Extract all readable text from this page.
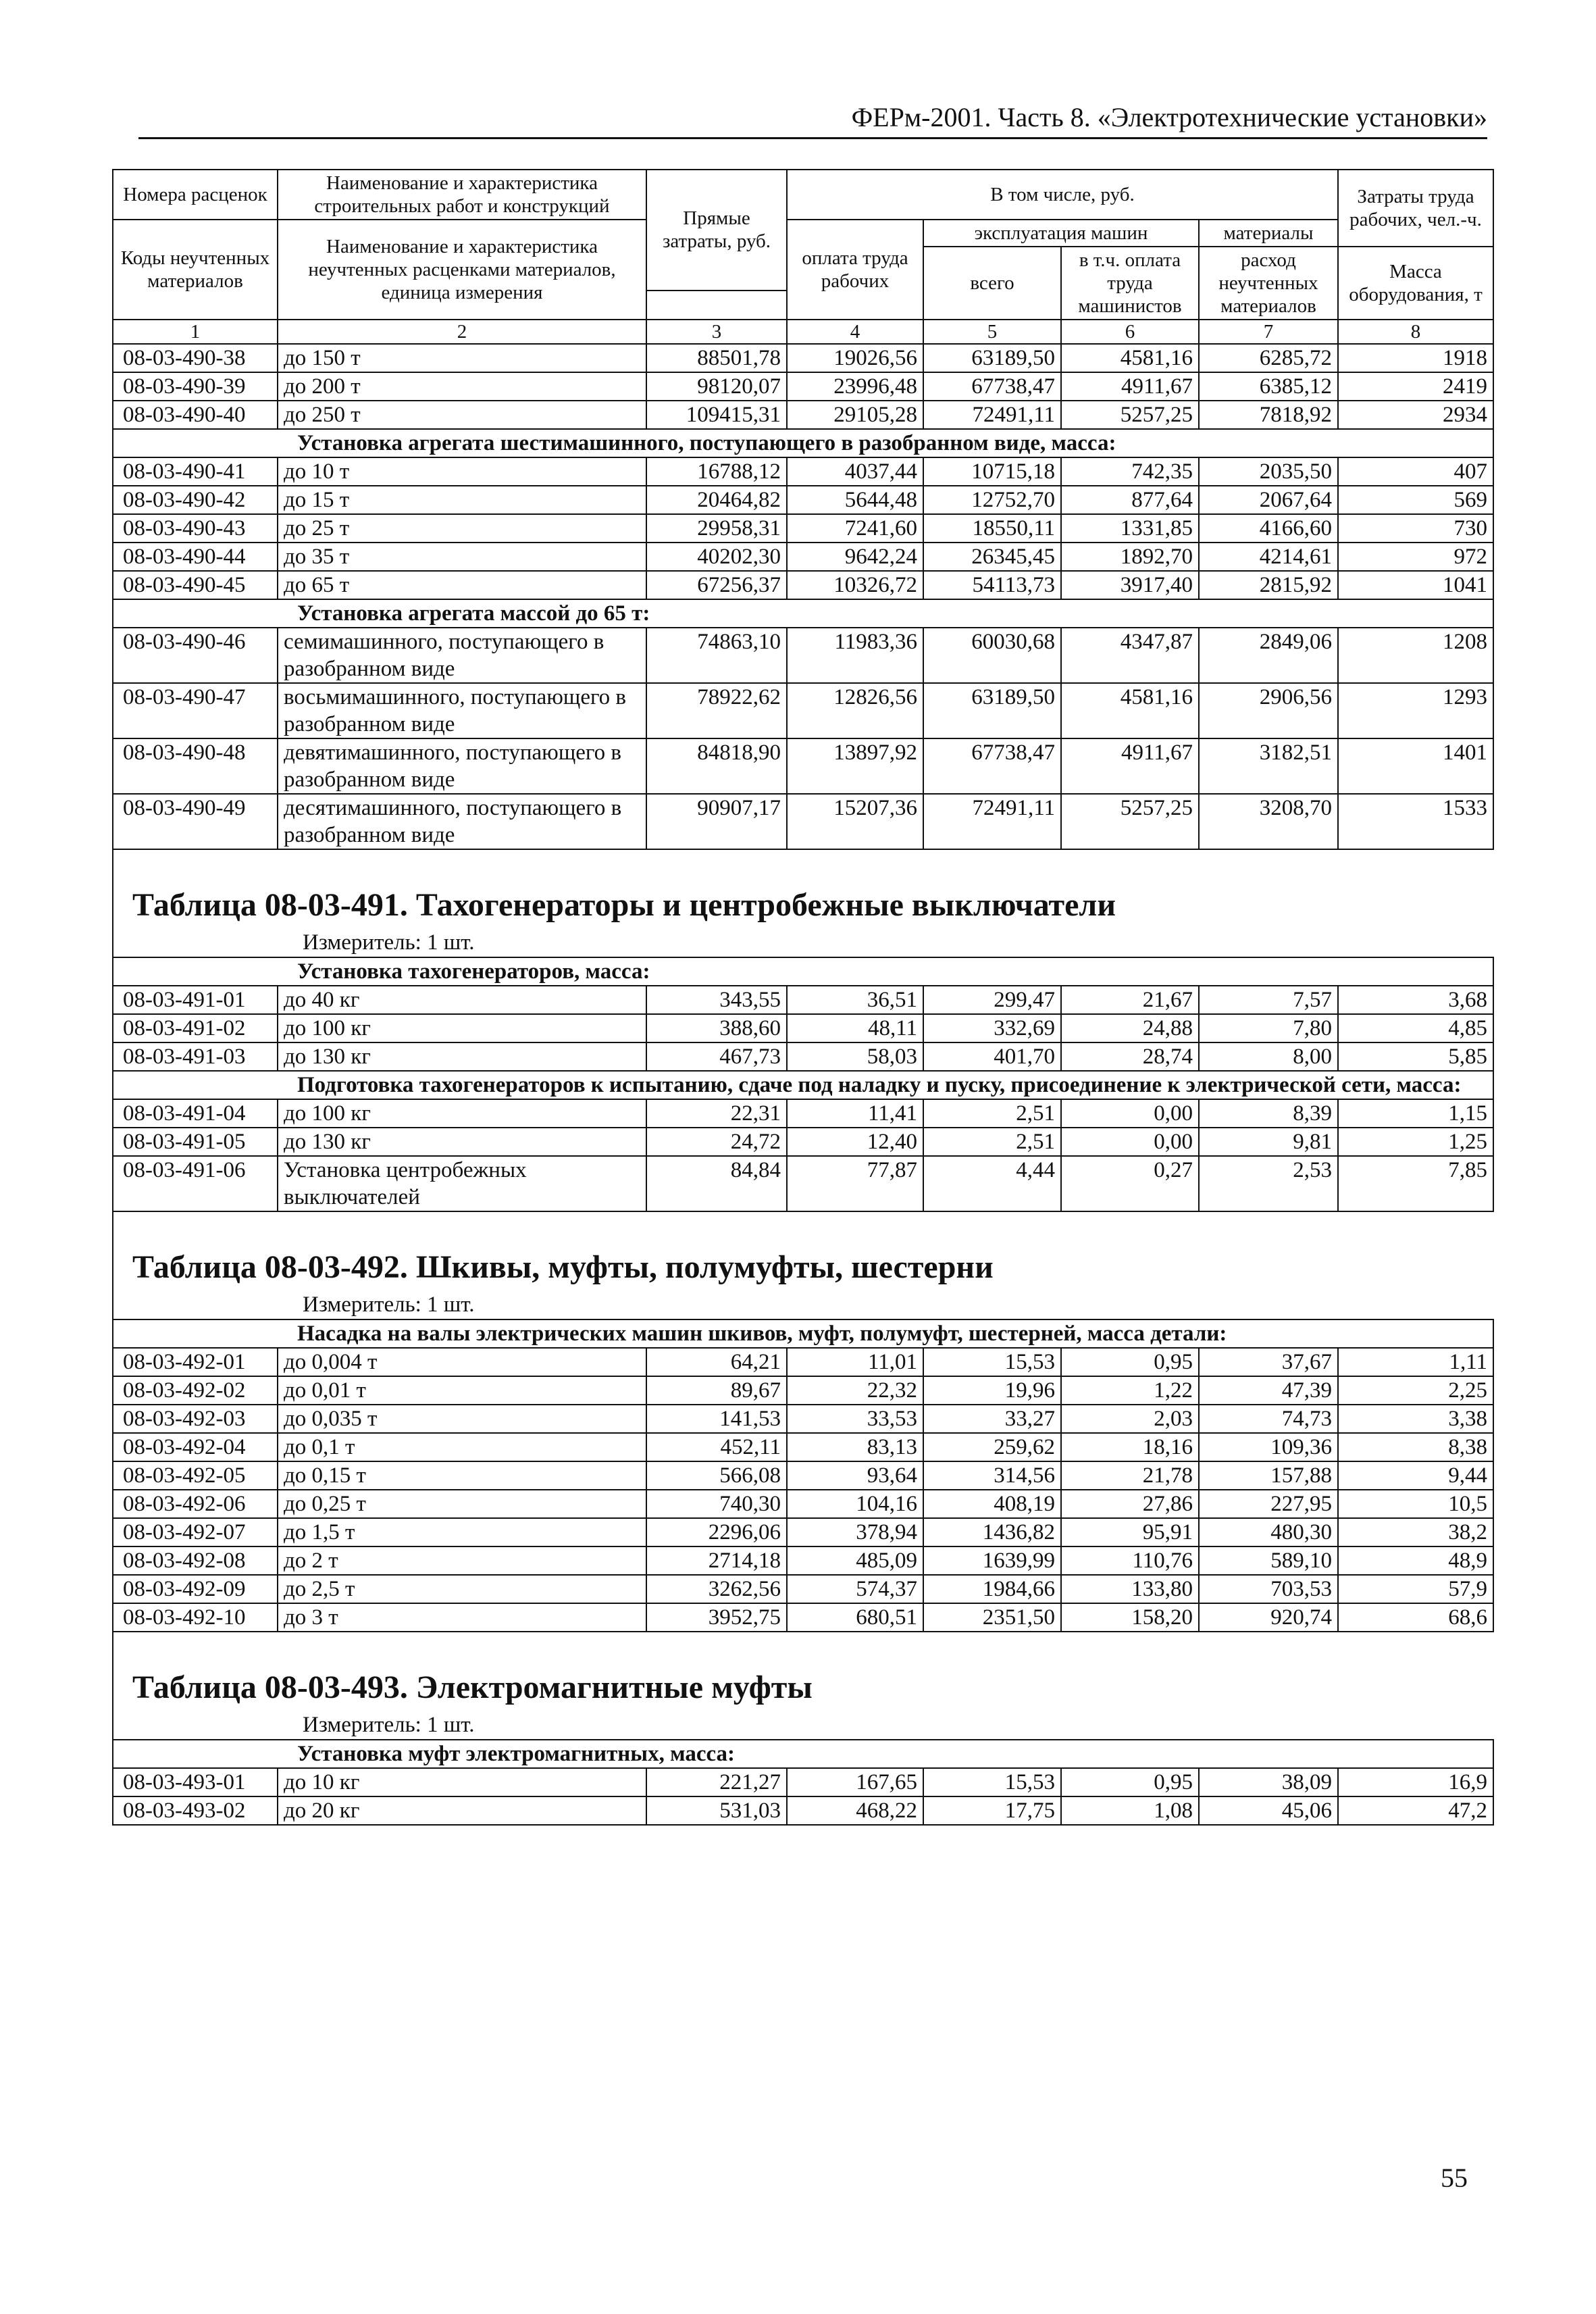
ФЕРм-2001. Часть 8. «Электротехнические установки»
Номера расценок	Наименование и характеристика строительных работ и конструкций	Прямые затраты, руб.	В том числе, руб.				Затраты труда рабочих, чел.-ч.
Коды неучтенных материалов	Наименование и характеристика неучтенных расценками материалов, единица измерения		оплата труда рабочих	эксплуатация машин		материалы	
				всего	в т.ч. оплата труда машинистов	расход неучтенных материалов	Масса оборудования, т

1	2	3	4	5	6	7	8
08-03-490-38	до 150 т	88501,78	19026,56	63189,50	4581,16	6285,72	1918
08-03-490-39	до 200 т	98120,07	23996,48	67738,47	4911,67	6385,12	2419
08-03-490-40	до 250 т	109415,31	29105,28	72491,11	5257,25	7818,92	2934
Установка агрегата шестимашинного, поступающего в разобранном виде, масса:							
08-03-490-41	до 10 т	16788,12	4037,44	10715,18	742,35	2035,50	407
08-03-490-42	до 15 т	20464,82	5644,48	12752,70	877,64	2067,64	569
08-03-490-43	до 25 т	29958,31	7241,60	18550,11	1331,85	4166,60	730
08-03-490-44	до 35 т	40202,30	9642,24	26345,45	1892,70	4214,61	972
08-03-490-45	до 65 т	67256,37	10326,72	54113,73	3917,40	2815,92	1041
Установка агрегата массой до 65 т:							
08-03-490-46	семимашинного, поступающего в разобранном виде	74863,10	11983,36	60030,68	4347,87	2849,06	1208
08-03-490-47	восьмимашинного, поступающего в разобранном виде	78922,62	12826,56	63189,50	4581,16	2906,56	1293
08-03-490-48	девятимашинного, поступающего в разобранном виде	84818,90	13897,92	67738,47	4911,67	3182,51	1401
08-03-490-49	десятимашинного, поступающего в разобранном виде	90907,17	15207,36	72491,11	5257,25	3208,70	1533

Таблица 08-03-491. Тахогенераторы и центробежные выключатели
Измеритель: 1 шт.							

Установка тахогенераторов, масса:							
08-03-491-01	до 40 кг	343,55	36,51	299,47	21,67	7,57	3,68
08-03-491-02	до 100 кг	388,60	48,11	332,69	24,88	7,80	4,85
08-03-491-03	до 130 кг	467,73	58,03	401,70	28,74	8,00	5,85
Подготовка тахогенераторов к испытанию, сдаче под наладку и пуску, присоединение к электрической сети, масса:							
08-03-491-04	до 100 кг	22,31	11,41	2,51	0,00	8,39	1,15
08-03-491-05	до 130 кг	24,72	12,40	2,51	0,00	9,81	1,25
08-03-491-06	Установка центробежных выключателей	84,84	77,87	4,44	0,27	2,53	7,85

Таблица 08-03-492. Шкивы, муфты, полумуфты, шестерни
Измеритель: 1 шт.							

Насадка на валы электрических машин шкивов, муфт, полумуфт, шестерней, масса детали:							
08-03-492-01	до 0,004 т	64,21	11,01	15,53	0,95	37,67	1,11
08-03-492-02	до 0,01 т	89,67	22,32	19,96	1,22	47,39	2,25
08-03-492-03	до 0,035 т	141,53	33,53	33,27	2,03	74,73	3,38
08-03-492-04	до 0,1 т	452,11	83,13	259,62	18,16	109,36	8,38
08-03-492-05	до 0,15 т	566,08	93,64	314,56	21,78	157,88	9,44
08-03-492-06	до 0,25 т	740,30	104,16	408,19	27,86	227,95	10,5
08-03-492-07	до 1,5 т	2296,06	378,94	1436,82	95,91	480,30	38,2
08-03-492-08	до 2 т	2714,18	485,09	1639,99	110,76	589,10	48,9
08-03-492-09	до 2,5 т	3262,56	574,37	1984,66	133,80	703,53	57,9
08-03-492-10	до 3 т	3952,75	680,51	2351,50	158,20	920,74	68,6

Таблица 08-03-493. Электромагнитные муфты
Измеритель: 1 шт.							

Установка муфт электромагнитных, масса:							
08-03-493-01	до 10 кг	221,27	167,65	15,53	0,95	38,09	16,9
08-03-493-02	до 20 кг	531,03	468,22	17,75	1,08	45,06	47,2
55
